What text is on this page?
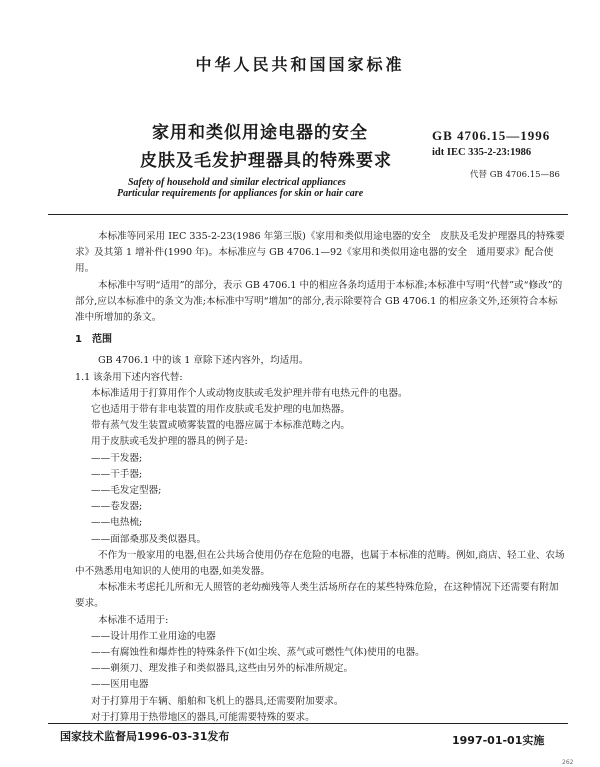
中华人民共和国国家标准
家用和类似用途电器的安全
皮肤及毛发护理器具的特殊要求
GB 4706.15—1996
idt IEC 335-2-23:1986
代替 GB 4706.15—86
Safety of household and similar electrical appliances
Particular requirements for appliances for skin or hair care

本标准等同采用 IEC 335-2-23(1986 年第三版)《家用和类似用途电器的安全　皮肤及毛发护理器具的特殊要求》及其第 1 增补件(1990 年)。本标准应与 GB 4706.1—92《家用和类似用途电器的安全　通用要求》配合使用。

本标准中写明“适用”的部分，表示 GB 4706.1 中的相应各条均适用于本标准;本标准中写明“代替”或“修改”的部分,应以本标准中的条文为准;本标准中写明“增加”的部分,表示除要符合 GB 4706.1 的相应条文外,还须符合本标准中所增加的条文。

1　范围

GB 4706.1 中的该 1 章除下述内容外，均适用。

1.1 该条用下述内容代替:

本标准适用于打算用作个人或动物皮肤或毛发护理并带有电热元件的电器。

它也适用于带有非电装置的用作皮肤或毛发护理的电加热器。

带有蒸气发生装置或喷雾装置的电器应属于本标准范畴之内。

用于皮肤或毛发护理的器具的例子是:

——干发器;

——干手器;

——毛发定型器;

——卷发器;

——电热梳;

——面部桑那及类似器具。

不作为一般家用的电器,但在公共场合使用仍存在危险的电器，也属于本标准的范畴。例如,商店、轻工业、农场中不熟悉用电知识的人使用的电器,如美发器。

本标准未考虑托儿所和无人照管的老幼痴残等人类生活场所存在的某些特殊危险，在这种情况下还需要有附加要求。

本标准不适用于:

——设计用作工业用途的电器

——有腐蚀性和爆炸性的特殊条件下(如尘埃、蒸气或可燃性气体)使用的电器。

——剃须刀、理发推子和类似器具,这些由另外的标准所规定。

——医用电器

对于打算用于车辆、船舶和飞机上的器具,还需要附加要求。

对于打算用于热带地区的器具,可能需要特殊的要求。

国家技术监督局1996-03-31发布	1997-01-01实施
262
